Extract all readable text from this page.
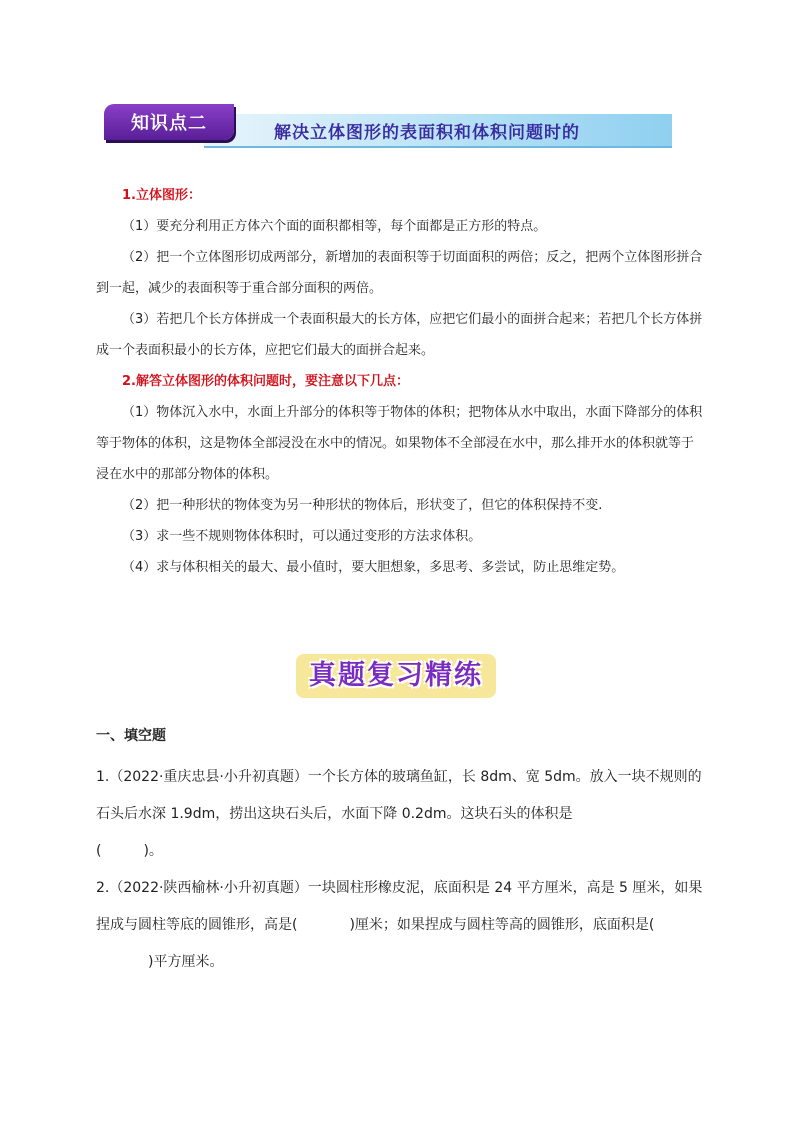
解决立体图形的表面积和体积问题时的
知识点二
1.立体图形：

（1）要充分利用正方体六个面的面积都相等，每个面都是正方形的特点。

（2）把一个立体图形切成两部分，新增加的表面积等于切面面积的两倍；反之，把两个立体图形拼合到一起，减少的表面积等于重合部分面积的两倍。

（3）若把几个长方体拼成一个表面积最大的长方体，应把它们最小的面拼合起来；若把几个长方体拼成一个表面积最小的长方体，应把它们最大的面拼合起来。

2.解答立体图形的体积问题时，要注意以下几点：

（1）物体沉入水中，水面上升部分的体积等于物体的体积；把物体从水中取出，水面下降部分的体积等于物体的体积，这是物体全部浸没在水中的情况。如果物体不全部浸在水中，那么排开水的体积就等于浸在水中的那部分物体的体积。

（2）把一种形状的物体变为另一种形状的物体后，形状变了，但它的体积保持不变.

（3）求一些不规则物体体积时，可以通过变形的方法求体积。

（4）求与体积相关的最大、最小值时，要大胆想象，多思考、多尝试，防止思维定势。

真题复习精练
一、填空题

1.（2022·重庆忠县·小升初真题）一个长方体的玻璃鱼缸，长 8dm、宽 5dm。放入一块不规则的石头后水深 1.9dm，捞出这块石头后，水面下降 0.2dm。这块石头的体积是
(　　　)。

2.（2022·陕西榆林·小升初真题）一块圆柱形橡皮泥，底面积是 24 平方厘米，高是 5 厘米，如果捏成与圆柱等底的圆锥形，高是(	)厘米；如果捏成与圆柱等高的圆锥形，底面积是()平方厘米。
